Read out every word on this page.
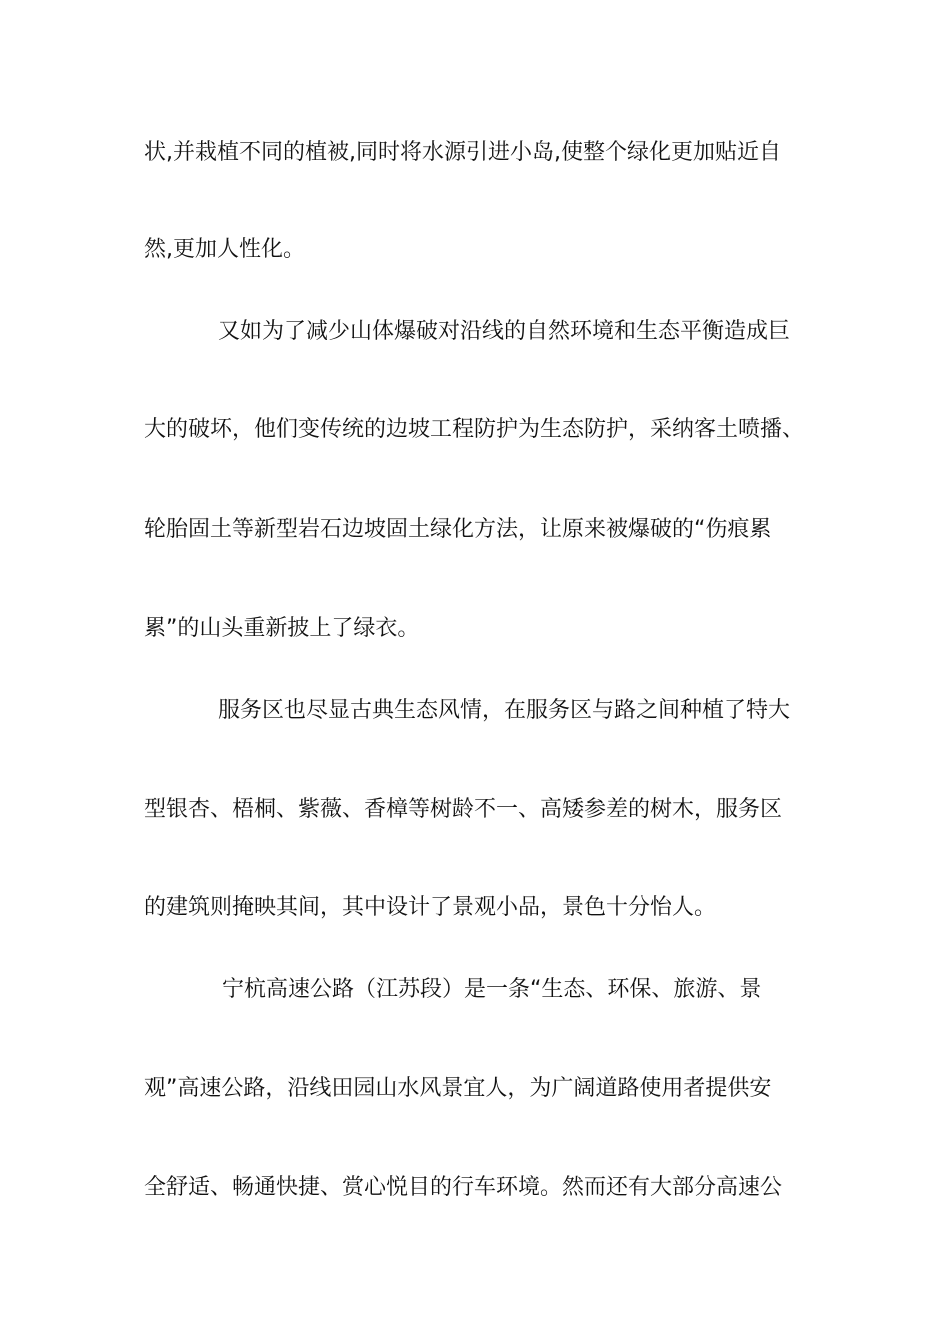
状,并栽植不同的植被,同时将水源引进小岛,使整个绿化更加贴近自
然,更加人性化。
又如为了减少山体爆破对沿线的自然环境和生态平衡造成巨
大的破坏，他们变传统的边坡工程防护为生态防护，采纳客土喷播、
轮胎固土等新型岩石边坡固土绿化方法，让原来被爆破的“伤痕累
累”的山头重新披上了绿衣。
服务区也尽显古典生态风情，在服务区与路之间种植了特大
型银杏、梧桐、紫薇、香樟等树龄不一、高矮参差的树木，服务区
的建筑则掩映其间，其中设计了景观小品，景色十分怡人。
宁杭高速公路（江苏段）是一条“生态、环保、旅游、景
观”高速公路，沿线田园山水风景宜人，为广阔道路使用者提供安
全舒适、畅通快捷、赏心悦目的行车环境。然而还有大部分高速公
